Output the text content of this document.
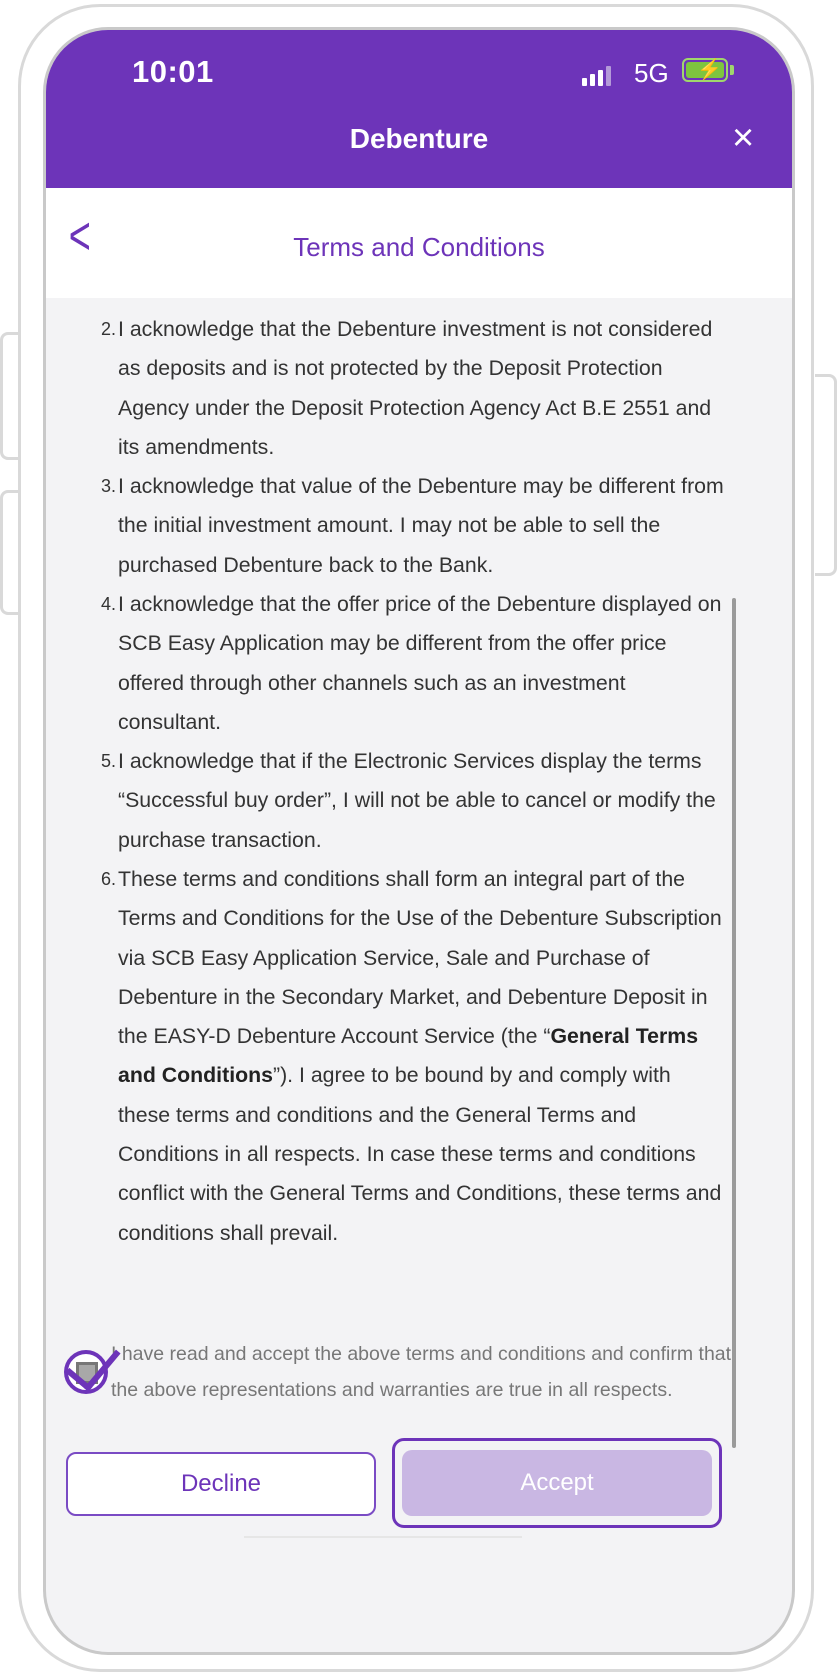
10:01	5G ⚡
Debenture	×
<	Terms and Conditions
2. I acknowledge that the Debenture investment is not considered as deposits and is not protected by the Deposit Protection Agency under the Deposit Protection Agency Act B.E 2551 and its amendments.
3. I acknowledge that value of the Debenture may be different from the initial investment amount. I may not be able to sell the purchased Debenture back to the Bank.
4. I acknowledge that the offer price of the Debenture displayed on SCB Easy Application may be different from the offer price offered through other channels such as an investment consultant.
5. I acknowledge that if the Electronic Services display the terms “Successful buy order”, I will not be able to cancel or modify the purchase transaction.
6. These terms and conditions shall form an integral part of the Terms and Conditions for the Use of the Debenture Subscription via SCB Easy Application Service, Sale and Purchase of Debenture in the Secondary Market, and Debenture Deposit in the EASY-D Debenture Account Service (the “General Terms and Conditions”). I agree to be bound by and comply with these terms and conditions and the General Terms and Conditions in all respects. In case these terms and conditions conflict with the General Terms and Conditions, these terms and conditions shall prevail.
I have read and accept the above terms and conditions and confirm that the above representations and warranties are true in all respects.
Decline	Accept
